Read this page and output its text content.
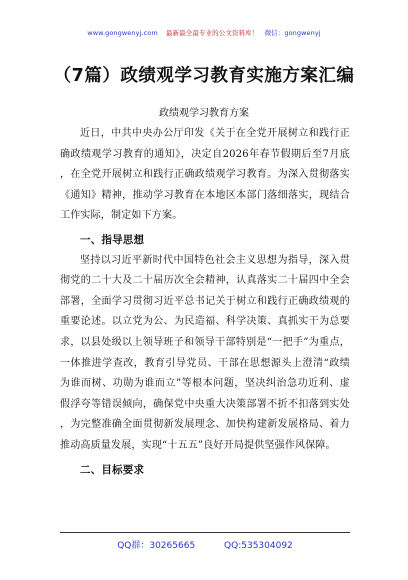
www.gongwenyj.com 最新最全最专业的公文资料库！ 微信：gongwenyj
（7篇）政绩观学习教育实施方案汇编
政绩观学习教育方案

近日，中共中央办公厅印发《关于在全党开展树立和践行正确政绩观学习教育的通知》，决定自2026年春节假期后至7月底，在全党开展树立和践行正确政绩观学习教育。为深入贯彻落实《通知》精神，推动学习教育在本地区本部门落细落实，现结合工作实际，制定如下方案。

一、指导思想

坚持以习近平新时代中国特色社会主义思想为指导，深入贯彻党的二十大及二十届历次全会精神，认真落实二十届四中全会部署，全面学习贯彻习近平总书记关于树立和践行正确政绩观的重要论述。以立党为公、为民造福、科学决策、真抓实干为总要求，以县处级以上领导班子和领导干部特别是“一把手”为重点，一体推进学查改，教育引导党员、干部在思想源头上澄清“政绩为谁而树、功勋为谁而立”等根本问题，坚决纠治急功近利、虚假浮夸等错误倾向，确保党中央重大决策部署不折不扣落到实处，为完整准确全面贯彻新发展理念、加快构建新发展格局、着力推动高质量发展，实现“十五五”良好开局提供坚强作风保障。

二、目标要求
QQ群：30265665	QQ:535304092
